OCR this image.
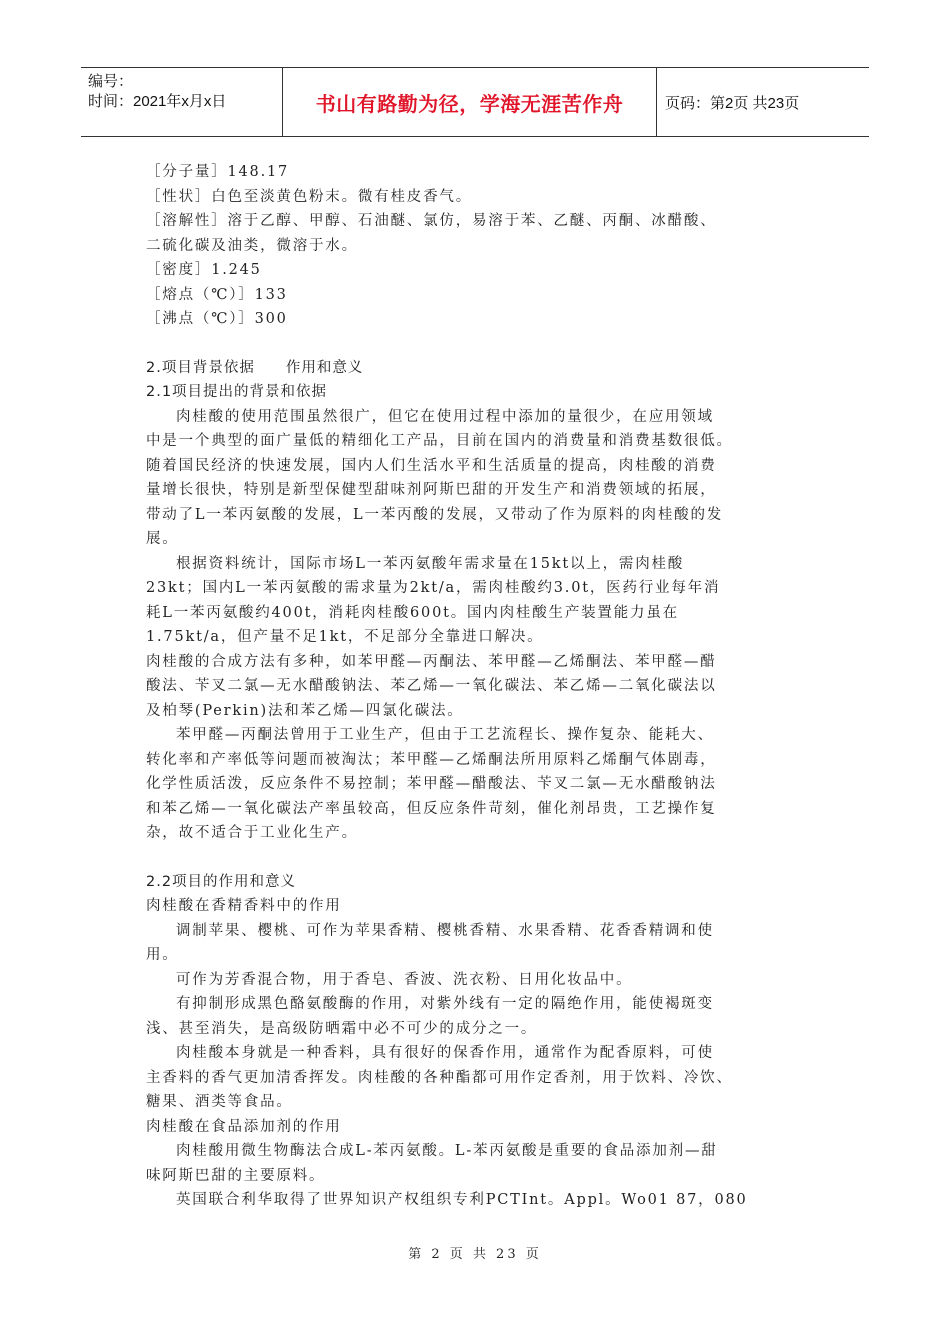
编号：
时间：2021年x月x日	书山有路勤为径，学海无涯苦作舟	页码：第2页 共23页
［分子量］148.17
［性状］白色至淡黄色粉末。微有桂皮香气。
［溶解性］溶于乙醇、甲醇、石油醚、氯仿，易溶于苯、乙醚、丙酮、冰醋酸、
二硫化碳及油类，微溶于水。
［密度］1.245
［熔点（℃）］133
［沸点（℃）］300
2.项目背景依据　　作用和意义
2.1项目提出的背景和依据
肉桂酸的使用范围虽然很广，但它在使用过程中添加的量很少，在应用领域
中是一个典型的面广量低的精细化工产品，目前在国内的消费量和消费基数很低。
随着国民经济的快速发展，国内人们生活水平和生活质量的提高，肉桂酸的消费
量增长很快，特别是新型保健型甜味剂阿斯巴甜的开发生产和消费领域的拓展，
带动了L一苯丙氨酸的发展，L一苯丙酸的发展，又带动了作为原料的肉桂酸的发
展。
根据资料统计，国际市场L一苯丙氨酸年需求量在15kt以上，需肉桂酸
23kt；国内L一苯丙氨酸的需求量为2kt/a，需肉桂酸约3.0t，医药行业每年消
耗L一苯丙氨酸约400t，消耗肉桂酸600t。国内肉桂酸生产装置能力虽在
1.75kt/a，但产量不足1kt，不足部分全靠进口解决。
肉桂酸的合成方法有多种，如苯甲醛—丙酮法、苯甲醛—乙烯酮法、苯甲醛—醋
酸法、苄叉二氯—无水醋酸钠法、苯乙烯—一氧化碳法、苯乙烯—二氧化碳法以
及柏琴(Perkin)法和苯乙烯—四氯化碳法。
苯甲醛—丙酮法曾用于工业生产，但由于工艺流程长、操作复杂、能耗大、
转化率和产率低等问题而被淘汰；苯甲醛—乙烯酮法所用原料乙烯酮气体剧毒，
化学性质活泼，反应条件不易控制；苯甲醛—醋酸法、苄叉二氯—无水醋酸钠法
和苯乙烯—一氧化碳法产率虽较高，但反应条件苛刻，催化剂昂贵，工艺操作复
杂，故不适合于工业化生产。
2.2项目的作用和意义
肉桂酸在香精香料中的作用
调制苹果、樱桃、可作为苹果香精、樱桃香精、水果香精、花香香精调和使
用。
可作为芳香混合物，用于香皂、香波、洗衣粉、日用化妆品中。
有抑制形成黑色酪氨酸酶的作用，对紫外线有一定的隔绝作用，能使褐斑变
浅、甚至消失，是高级防晒霜中必不可少的成分之一。
肉桂酸本身就是一种香料，具有很好的保香作用，通常作为配香原料，可使
主香料的香气更加清香挥发。肉桂酸的各种酯都可用作定香剂，用于饮料、冷饮、
糖果、酒类等食品。
肉桂酸在食品添加剂的作用
肉桂酸用微生物酶法合成L-苯丙氨酸。L-苯丙氨酸是重要的食品添加剂—甜
味阿斯巴甜的主要原料。
英国联合利华取得了世界知识产权组织专利PCTInt。Appl。Wo01 87，080
第 2 页 共 23 页
